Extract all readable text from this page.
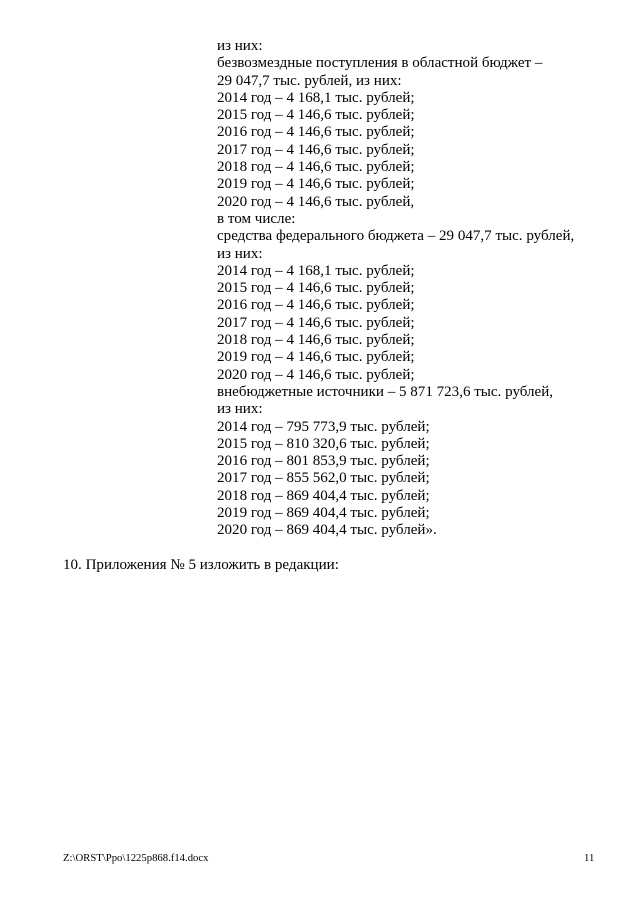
из них:
безвозмездные поступления в областной бюджет –
29 047,7 тыс. рублей, из них:
2014 год – 4 168,1 тыс. рублей;
2015 год – 4 146,6 тыс. рублей;
2016 год – 4 146,6 тыс. рублей;
2017 год – 4 146,6 тыс. рублей;
2018 год – 4 146,6 тыс. рублей;
2019 год – 4 146,6 тыс. рублей;
2020 год – 4 146,6 тыс. рублей,
в том числе:
средства федерального бюджета – 29 047,7 тыс. рублей,
из них:
2014 год – 4 168,1 тыс. рублей;
2015 год – 4 146,6 тыс. рублей;
2016 год – 4 146,6 тыс. рублей;
2017 год – 4 146,6 тыс. рублей;
2018 год – 4 146,6 тыс. рублей;
2019 год – 4 146,6 тыс. рублей;
2020 год – 4 146,6 тыс. рублей;
внебюджетные источники – 5 871 723,6 тыс. рублей,
из них:
2014 год – 795 773,9 тыс. рублей;
2015 год – 810 320,6 тыс. рублей;
2016 год – 801 853,9 тыс. рублей;
2017 год – 855 562,0 тыс. рублей;
2018 год – 869 404,4 тыс. рублей;
2019 год – 869 404,4 тыс. рублей;
2020 год – 869 404,4 тыс. рублей».
10. Приложения № 5 изложить в редакции:
Z:\ORST\Ppo\1225p868.f14.docx	11
